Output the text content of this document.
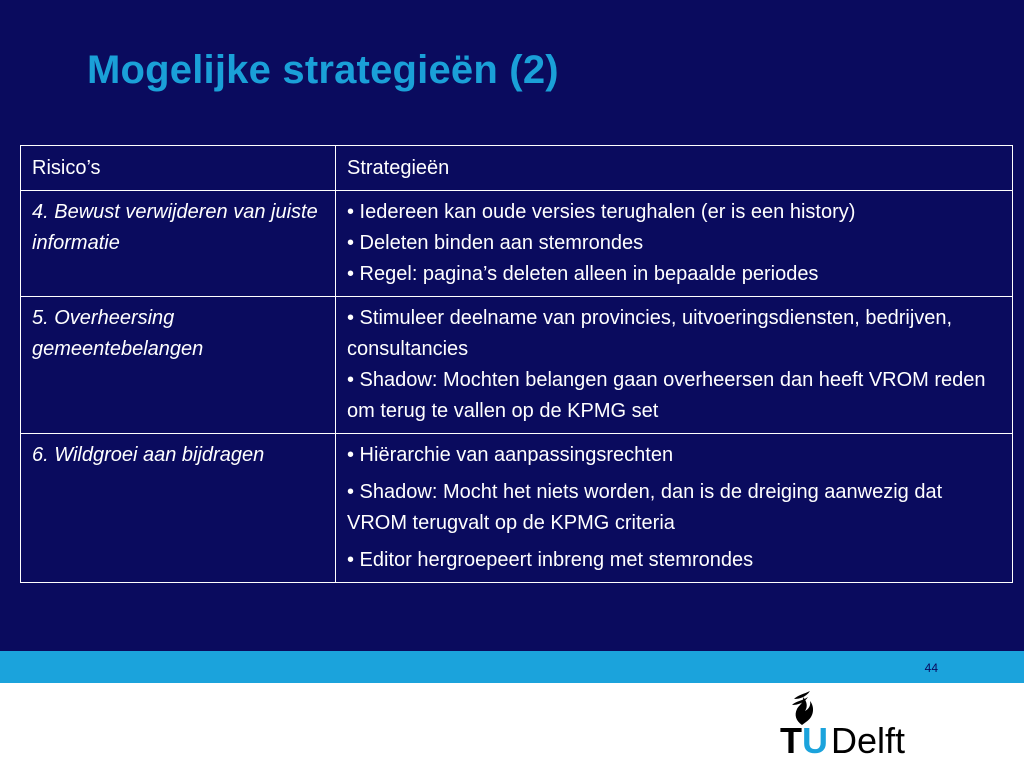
Mogelijke strategieën (2)
Risico’s	Strategieën
4. Bewust verwijderen van juiste informatie	• Iedereen kan oude versies terughalen (er is een history)
• Deleten binden aan stemrondes
• Regel: pagina’s deleten alleen in bepaalde periodes

5. Overheersing gemeentebelangen	• Stimuleer deelname van provincies, uitvoeringsdiensten, bedrijven, consultancies
• Shadow: Mochten belangen gaan overheersen dan heeft VROM reden om terug te vallen op de KPMG set

6. Wildgroei aan bijdragen	• Hiërarchie van aanpassingsrechten
• Shadow: Mocht het niets worden, dan is de dreiging aanwezig dat VROM terugvalt op de KPMG criteria
• Editor hergroepeert inbreng met stemrondes
44
TUDelft
